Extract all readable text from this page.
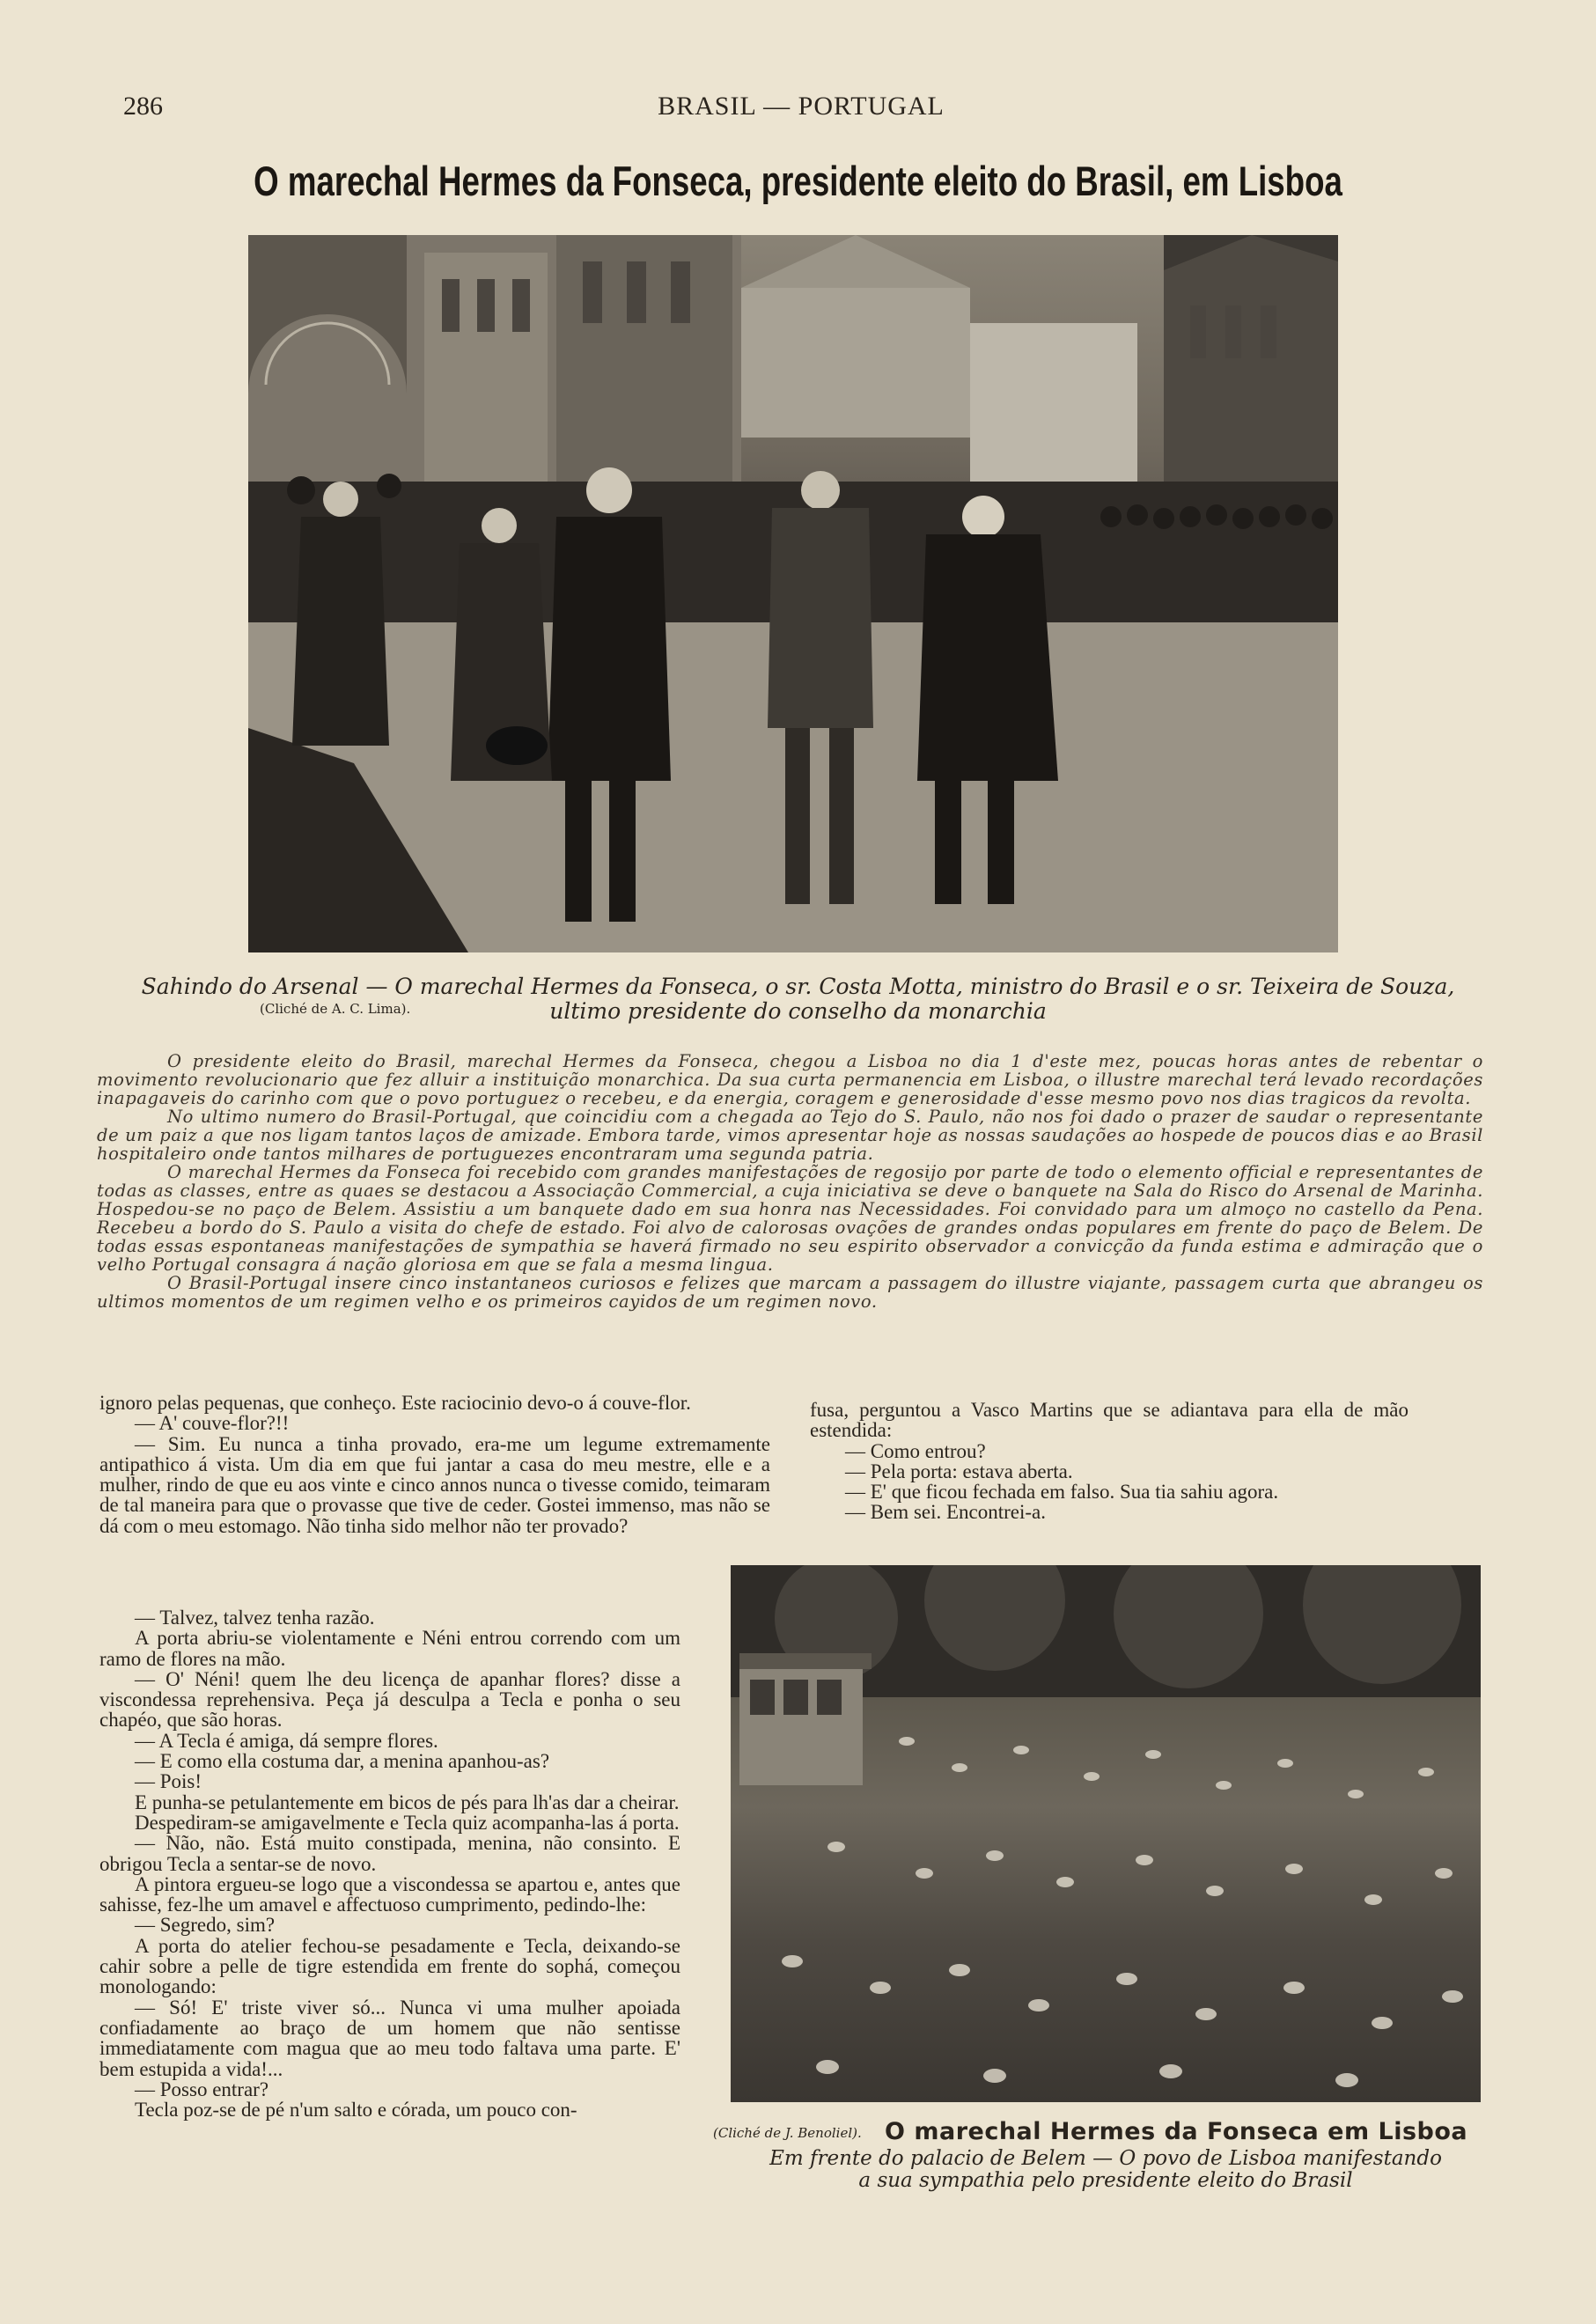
286	BRASIL — PORTUGAL
O marechal Hermes da Fonseca, presidente eleito do Brasil, em Lisboa
Sahindo do Arsenal — O marechal Hermes da Fonseca, o sr. Costa Motta, ministro do Brasil e o sr. Teixeira de Souza,
(Cliché de A. C. Lima).	ultimo presidente do conselho da monarchia

O presidente eleito do Brasil, marechal Hermes da Fonseca, chegou a Lisboa no dia 1 d'este mez, poucas horas antes de rebentar o movimento revolucionario que fez alluir a instituição monarchica. Da sua curta permanencia em Lisboa, o illustre marechal terá levado recordações inapagaveis do carinho com que o povo portuguez o recebeu, e da energia, coragem e generosidade d'esse mesmo povo nos dias tragicos da revolta.

No ultimo numero do Brasil-Portugal, que coincidiu com a chegada ao Tejo do S. Paulo, não nos foi dado o prazer de saudar o representante de um paiz a que nos ligam tantos laços de amizade. Embora tarde, vimos apresentar hoje as nossas saudações ao hospede de poucos dias e ao Brasil hospitaleiro onde tantos milhares de portuguezes encontraram uma segunda patria.

O marechal Hermes da Fonseca foi recebido com grandes manifestações de regosijo por parte de todo o elemento official e representantes de todas as classes, entre as quaes se destacou a Associação Commercial, a cuja iniciativa se deve o banquete na Sala do Risco do Arsenal de Marinha. Hospedou-se no paço de Belem. Assistiu a um banquete dado em sua honra nas Necessidades. Foi convidado para um almoço no castello da Pena. Recebeu a bordo do S. Paulo a visita do chefe de estado. Foi alvo de calorosas ovações de grandes ondas populares em frente do paço de Belem. De todas essas espontaneas manifestações de sympathia se haverá firmado no seu espirito observador a convicção da funda estima e admiração que o velho Portugal consagra á nação gloriosa em que se fala a mesma lingua.

O Brasil-Portugal insere cinco instantaneos curiosos e felizes que marcam a passagem do illustre viajante, passagem curta que abrangeu os ultimos momentos de um regimen velho e os primeiros cayidos de um regimen novo.

ignoro pelas pequenas, que conheço. Este raciocinio devo-o á couve-flor.

— A' couve-flor?!!

— Sim. Eu nunca a tinha provado, era-me um legume extremamente antipathico á vista. Um dia em que fui jantar a casa do meu mestre, elle e a mulher, rindo de que eu aos vinte e cinco annos nunca o tivesse comido, teimaram de tal maneira para que o provasse que tive de ceder. Gostei immenso, mas não se dá com o meu estomago. Não tinha sido melhor não ter provado?

— Talvez, talvez tenha razão.

A porta abriu-se violentamente e Néni entrou correndo com um ramo de flores na mão.

— O' Néni! quem lhe deu licença de apanhar flores? disse a viscondessa reprehensiva. Peça já desculpa a Tecla e ponha o seu chapéo, que são horas.

— A Tecla é amiga, dá sempre flores.

— E como ella costuma dar, a menina apanhou-as?

— Pois!

E punha-se petulantemente em bicos de pés para lh'as dar a cheirar.

Despediram-se amigavelmente e Tecla quiz acompanha-las á porta.

— Não, não. Está muito constipada, menina, não consinto. E obrigou Tecla a sentar-se de novo.

A pintora ergueu-se logo que a viscondessa se apartou e, antes que sahisse, fez-lhe um amavel e affectuoso cumprimento, pedindo-lhe:

— Segredo, sim?

A porta do atelier fechou-se pesadamente e Tecla, deixando-se cahir sobre a pelle de tigre estendida em frente do sophá, começou monologando:

— Só! E' triste viver só... Nunca vi uma mulher apoiada confiadamente ao braço de um homem que não sentisse immediatamente com magua que ao meu todo faltava uma parte. E' bem estupida a vida!...

— Posso entrar?

Tecla poz-se de pé n'um salto e córada, um pouco con-

fusa, perguntou a Vasco Martins que se adiantava para ella de mão estendida:

— Como entrou?

— Pela porta: estava aberta.

— E' que ficou fechada em falso. Sua tia sahiu agora.

— Bem sei. Encontrei-a.

(Cliché de J. Benoliel). O marechal Hermes da Fonseca em Lisboa
Em frente do palacio de Belem — O povo de Lisboa manifestando
a sua sympathia pelo presidente eleito do Brasil
